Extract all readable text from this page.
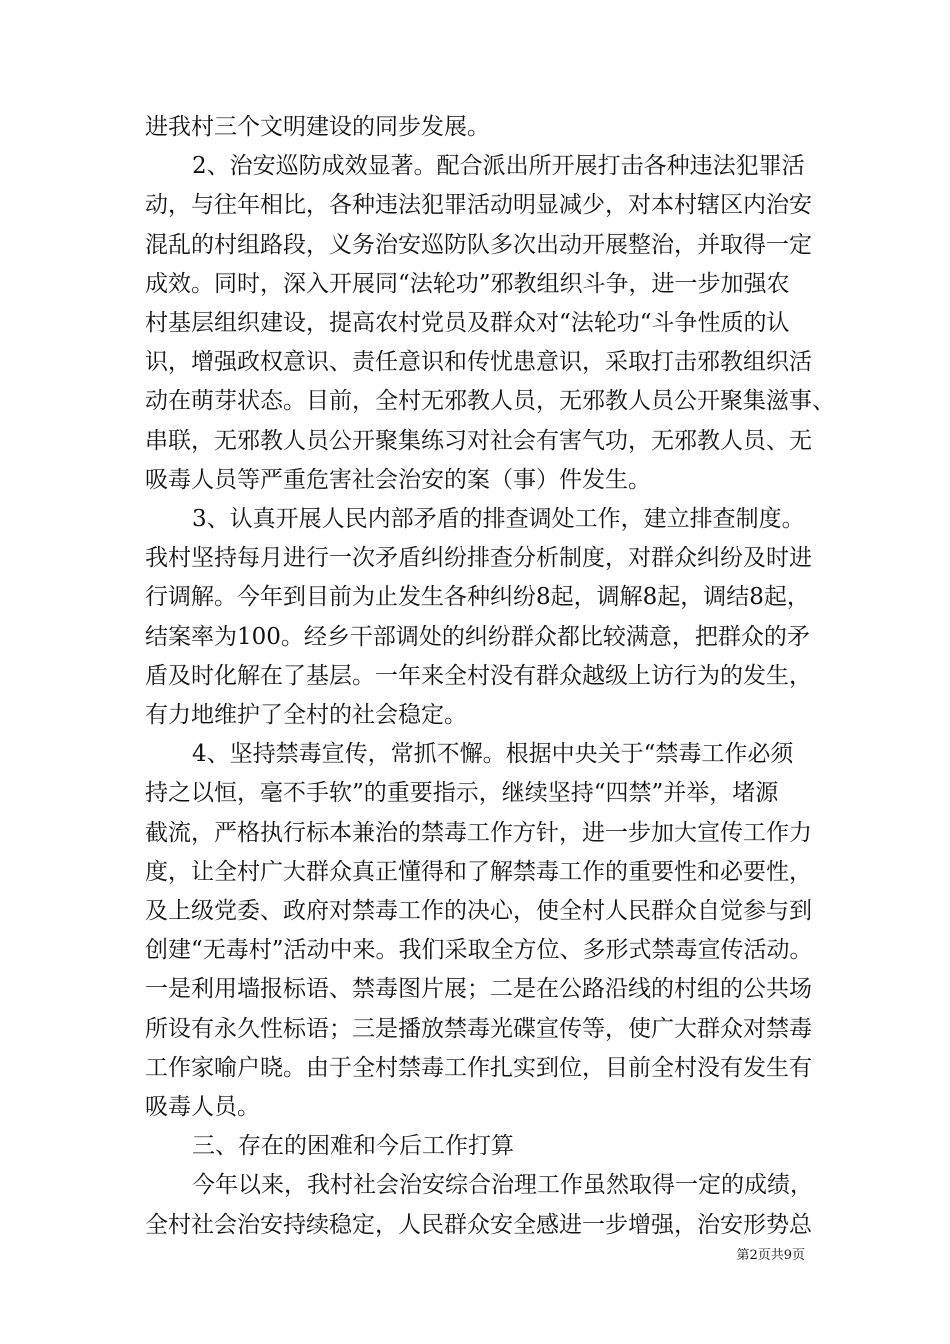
第2页共9页
进我村三个文明建设的同步发展。
2、治安巡防成效显著。配合派出所开展打击各种违法犯罪活
动，与往年相比，各种违法犯罪活动明显减少，对本村辖区内治安
混乱的村组路段，义务治安巡防队多次出动开展整治，并取得一定
成效。同时，深入开展同“法轮功”邪教组织斗争，进一步加强农
村基层组织建设，提高农村党员及群众对“法轮功“斗争性质的认
识，增强政权意识、责任意识和传忧患意识，采取打击邪教组织活
动在萌芽状态。目前，全村无邪教人员，无邪教人员公开聚集滋事、
串联，无邪教人员公开聚集练习对社会有害气功，无邪教人员、无
吸毒人员等严重危害社会治安的案（事）件发生。
3、认真开展人民内部矛盾的排查调处工作，建立排查制度。
我村坚持每月进行一次矛盾纠纷排查分析制度，对群众纠纷及时进
行调解。今年到目前为止发生各种纠纷8起，调解8起，调结8起，
结案率为100。经乡干部调处的纠纷群众都比较满意，把群众的矛
盾及时化解在了基层。一年来全村没有群众越级上访行为的发生，
有力地维护了全村的社会稳定。
4、坚持禁毒宣传，常抓不懈。根据中央关于“禁毒工作必须
持之以恒，毫不手软”的重要指示，继续坚持“四禁”并举，堵源
截流，严格执行标本兼治的禁毒工作方针，进一步加大宣传工作力
度，让全村广大群众真正懂得和了解禁毒工作的重要性和必要性，
及上级党委、政府对禁毒工作的决心，使全村人民群众自觉参与到
创建“无毒村”活动中来。我们采取全方位、多形式禁毒宣传活动。
一是利用墙报标语、禁毒图片展；二是在公路沿线的村组的公共场
所设有永久性标语；三是播放禁毒光碟宣传等，使广大群众对禁毒
工作家喻户晓。由于全村禁毒工作扎实到位，目前全村没有发生有
吸毒人员。
三、存在的困难和今后工作打算
今年以来，我村社会治安综合治理工作虽然取得一定的成绩，
全村社会治安持续稳定，人民群众安全感进一步增强，治安形势总
